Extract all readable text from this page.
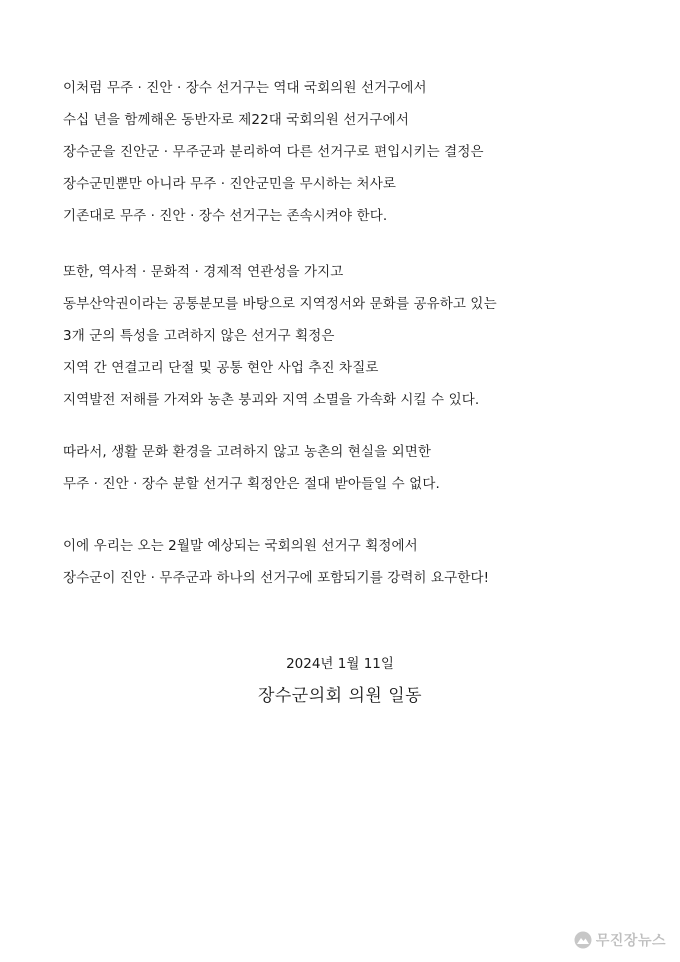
이처럼 무주 · 진안 · 장수 선거구는 역대 국회의원 선거구에서
수십 년을 함께해온 동반자로 제22대 국회의원 선거구에서
장수군을 진안군 · 무주군과 분리하여 다른 선거구로 편입시키는 결정은
장수군민뿐만 아니라 무주 · 진안군민을 무시하는 처사로
기존대로 무주 · 진안 · 장수 선거구는 존속시켜야 한다.
또한, 역사적 · 문화적 · 경제적 연관성을 가지고
동부산악권이라는 공통분모를 바탕으로 지역정서와 문화를 공유하고 있는
3개 군의 특성을 고려하지 않은 선거구 획정은
지역 간 연결고리 단절 및 공통 현안 사업 추진 차질로
지역발전 저해를 가져와 농촌 붕괴와 지역 소멸을 가속화 시킬 수 있다.
따라서, 생활 문화 환경을 고려하지 않고 농촌의 현실을 외면한
무주 · 진안 · 장수 분할 선거구 획정안은 절대 받아들일 수 없다.
이에 우리는 오는 2월말 예상되는 국회의원 선거구 획정에서
장수군이 진안 · 무주군과 하나의 선거구에 포함되기를 강력히 요구한다!
2024년 1월 11일
장수군의회 의원 일동
무진장뉴스
